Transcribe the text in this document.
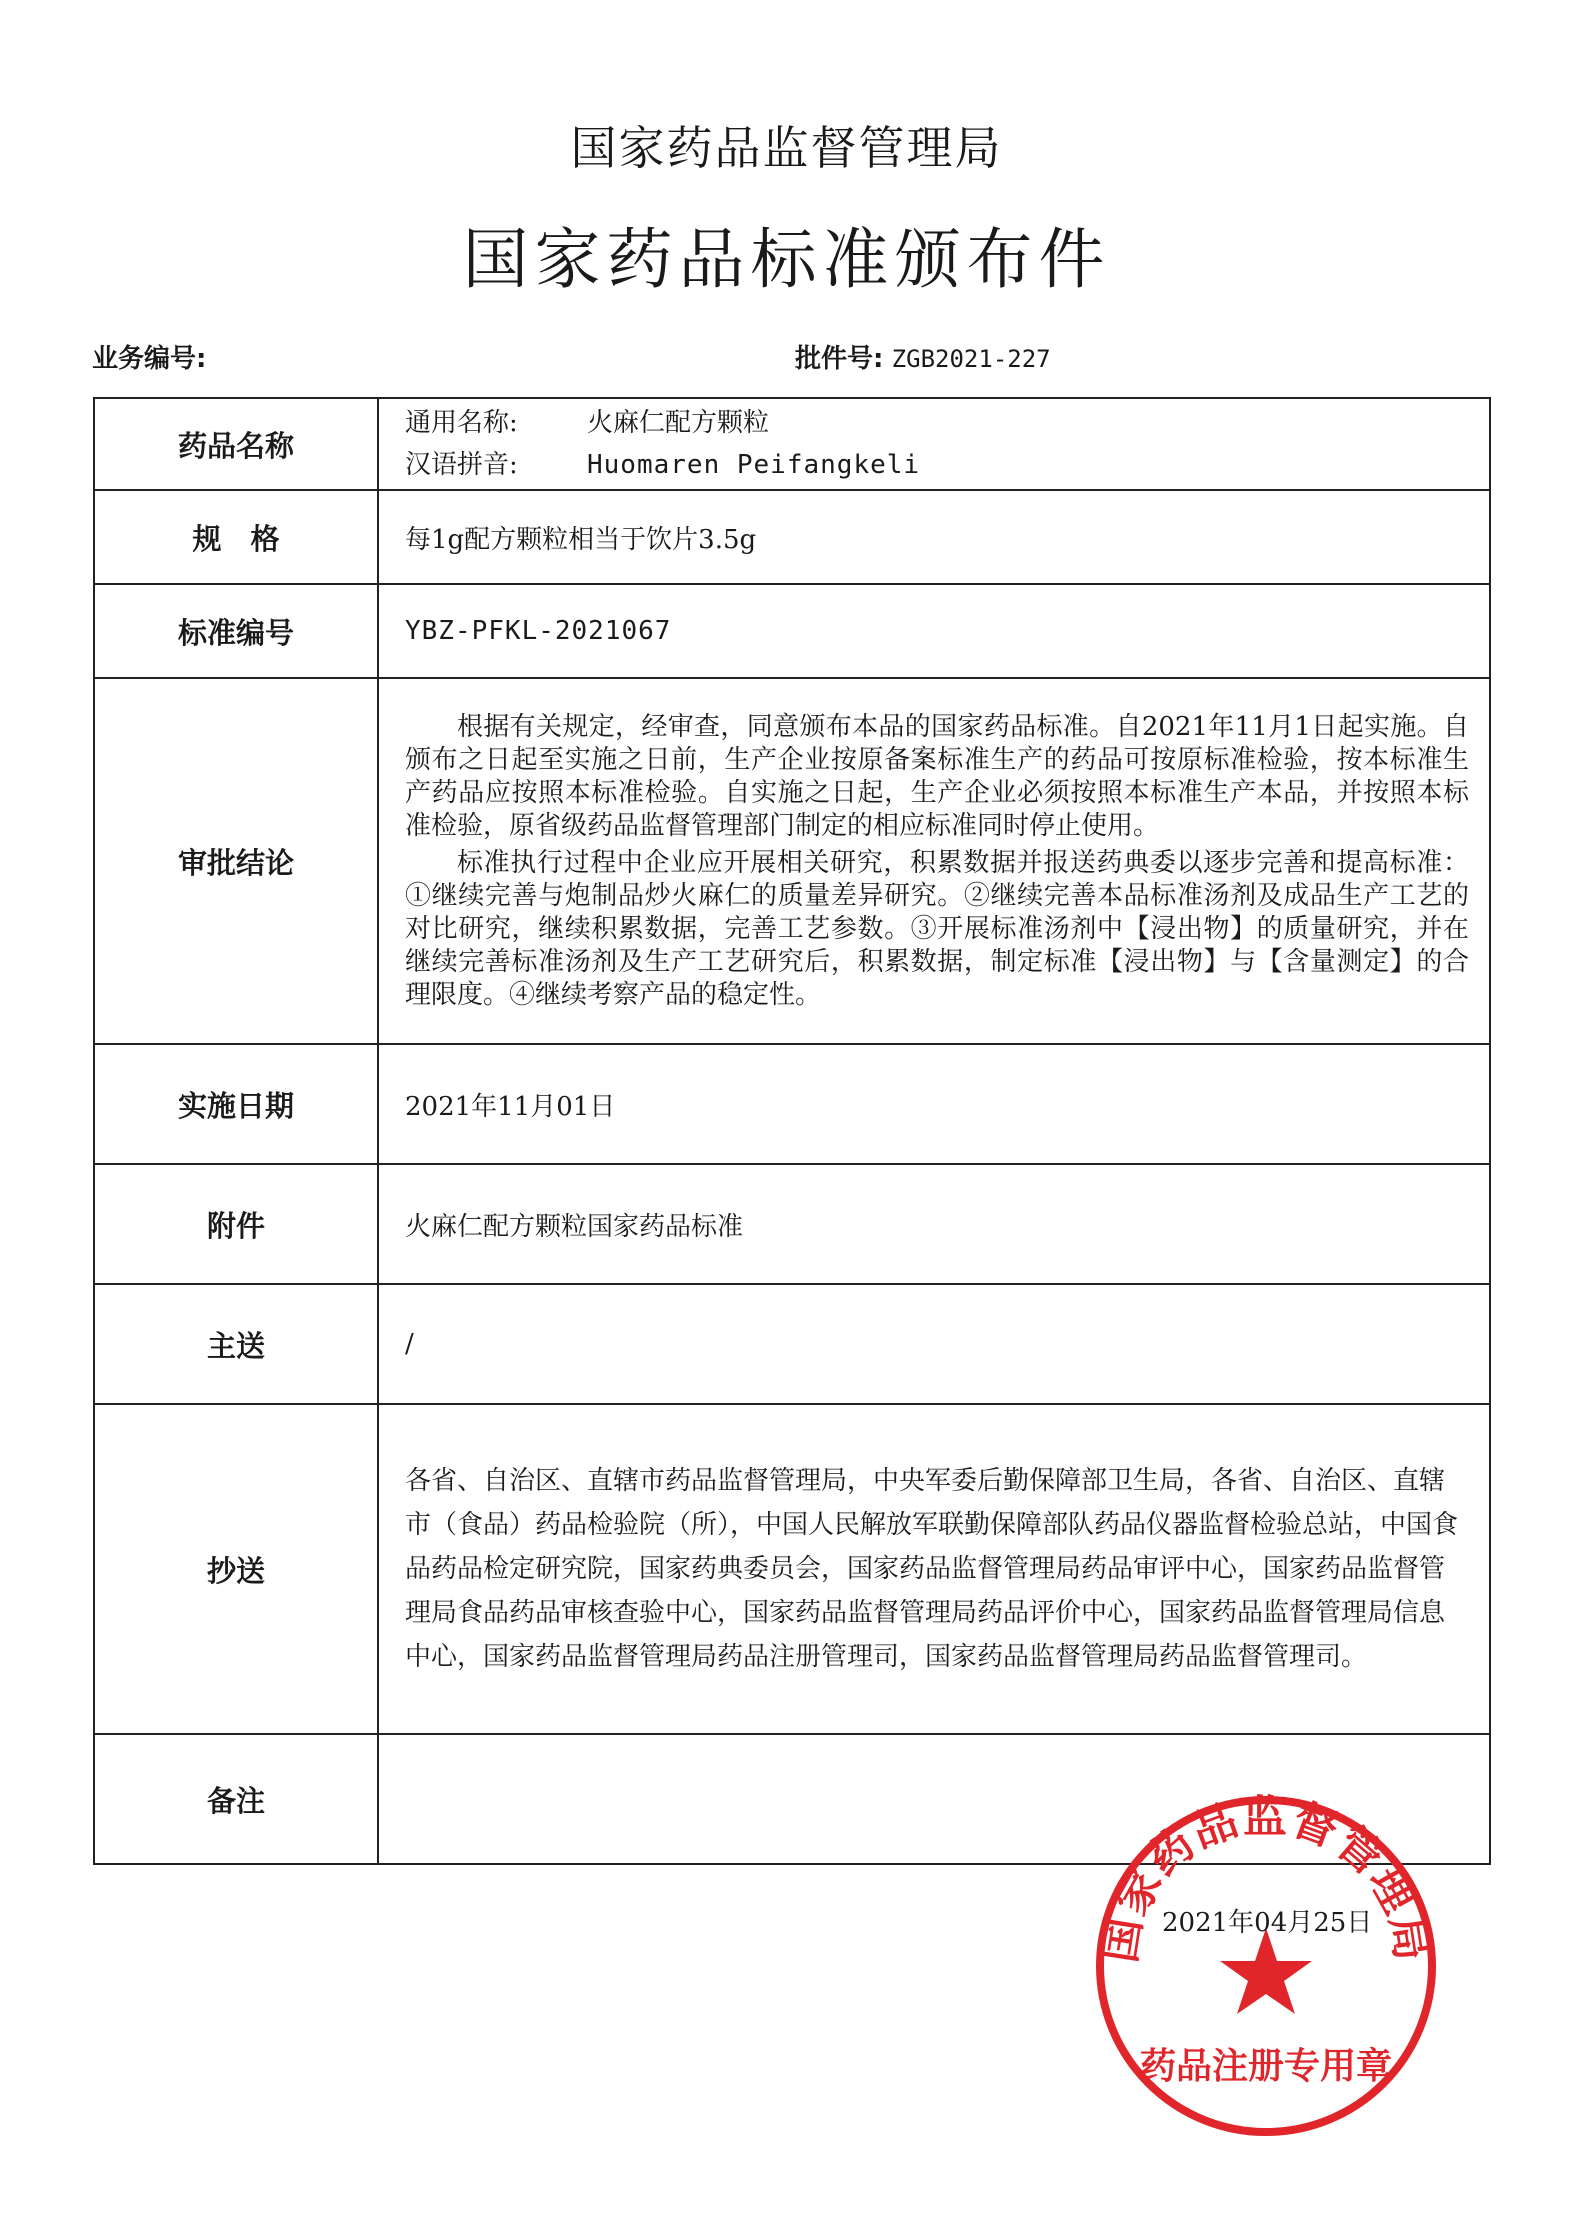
国家药品监督管理局
国家药品标准颁布件
业务编号:	批件号: ZGB2021-227
药品名称	通用名称: 火麻仁配方颗粒
汉语拼音: Huomaren Peifangkeli

规　格	每1g配方颗粒相当于饮片3.5g
标准编号	YBZ-PFKL-2021067
审批结论	根据有关规定，经审查，同意颁布本品的国家药品标准。自2021年11月1日起实施。自颁布之日起至实施之日前，生产企业按原备案标准生产的药品可按原标准检验，按本标准生产药品应按照本标准检验。自实施之日起，生产企业必须按照本标准生产本品，并按照本标准检验，原省级药品监督管理部门制定的相应标准同时停止使用。

标准执行过程中企业应开展相关研究，积累数据并报送药典委以逐步完善和提高标准：①继续完善与炮制品炒火麻仁的质量差异研究。②继续完善本品标准汤剂及成品生产工艺的对比研究，继续积累数据，完善工艺参数。③开展标准汤剂中【浸出物】的质量研究，并在继续完善标准汤剂及生产工艺研究后，积累数据，制定标准【浸出物】与【含量测定】的合理限度。④继续考察产品的稳定性。

实施日期	2021年11月01日
附件	火麻仁配方颗粒国家药品标准
主送	/
抄送	各省、自治区、直辖市药品监督管理局，中央军委后勤保障部卫生局，各省、自治区、直辖市（食品）药品检验院（所），中国人民解放军联勤保障部队药品仪器监督检验总站，中国食品药品检定研究院，国家药典委员会，国家药品监督管理局药品审评中心，国家药品监督管理局食品药品审核查验中心，国家药品监督管理局药品评价中心，国家药品监督管理局信息中心，国家药品监督管理局药品注册管理司，国家药品监督管理局药品监督管理司。

备注	
国家药品监督管理局
药品注册专用章
2021年04月25日
